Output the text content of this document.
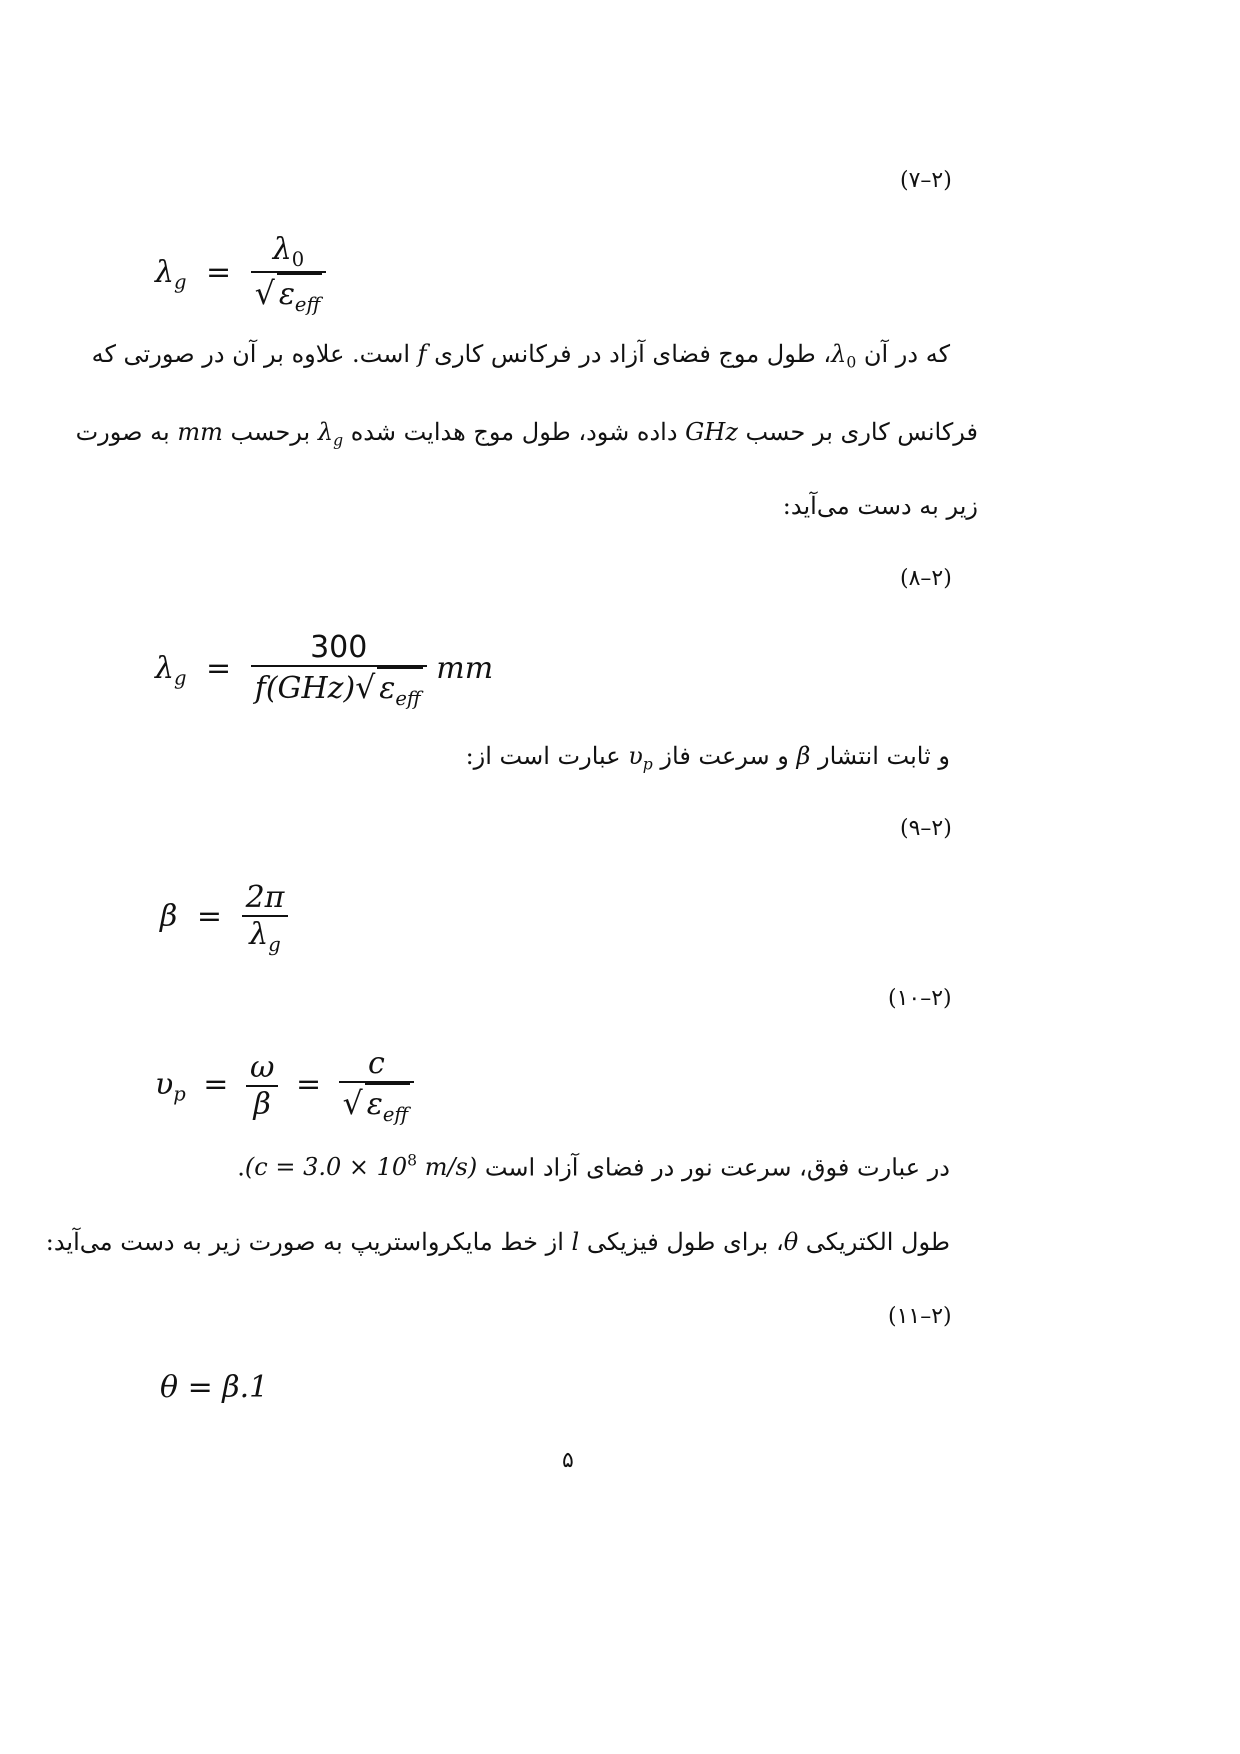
(۷–۲)
$\lambda_g = \frac{\lambda_0}{√ \varepsilon_{eff}}$
که در آن $\lambda_0،$ طول موج فضای آزاد در فرکانس کاری f است. علاوه بر آن در صورتی که
فرکانس کاری بر حسب GHz داده شود، طول موج هدایت شده $\lambda_g$ برحسب mm به صورت
زیر به دست می‌آید:
(۸–۲)
$\lambda_g = \frac{300}{f(GHz)√ \varepsilon_{eff}}$ mm
و ثابت انتشار β و سرعت فاز $\upsilon_p$ عبارت است از:
(۹–۲)
$\beta = \frac{2\pi}{\lambda_g}$
(۱۰–۲)
$\upsilon_p = \frac{\omega}{\beta} = \frac{c}{√ \varepsilon_{eff}}$
در عبارت فوق، سرعت نور در فضای آزاد است ($c = 3.0 \times 10^8$ m/s).
طول الکتریکی θ، برای طول فیزیکی l از خط مایکرواستریپ به صورت زیر به دست می‌آید:
(۱۱–۲)
θ = β.1
۵
